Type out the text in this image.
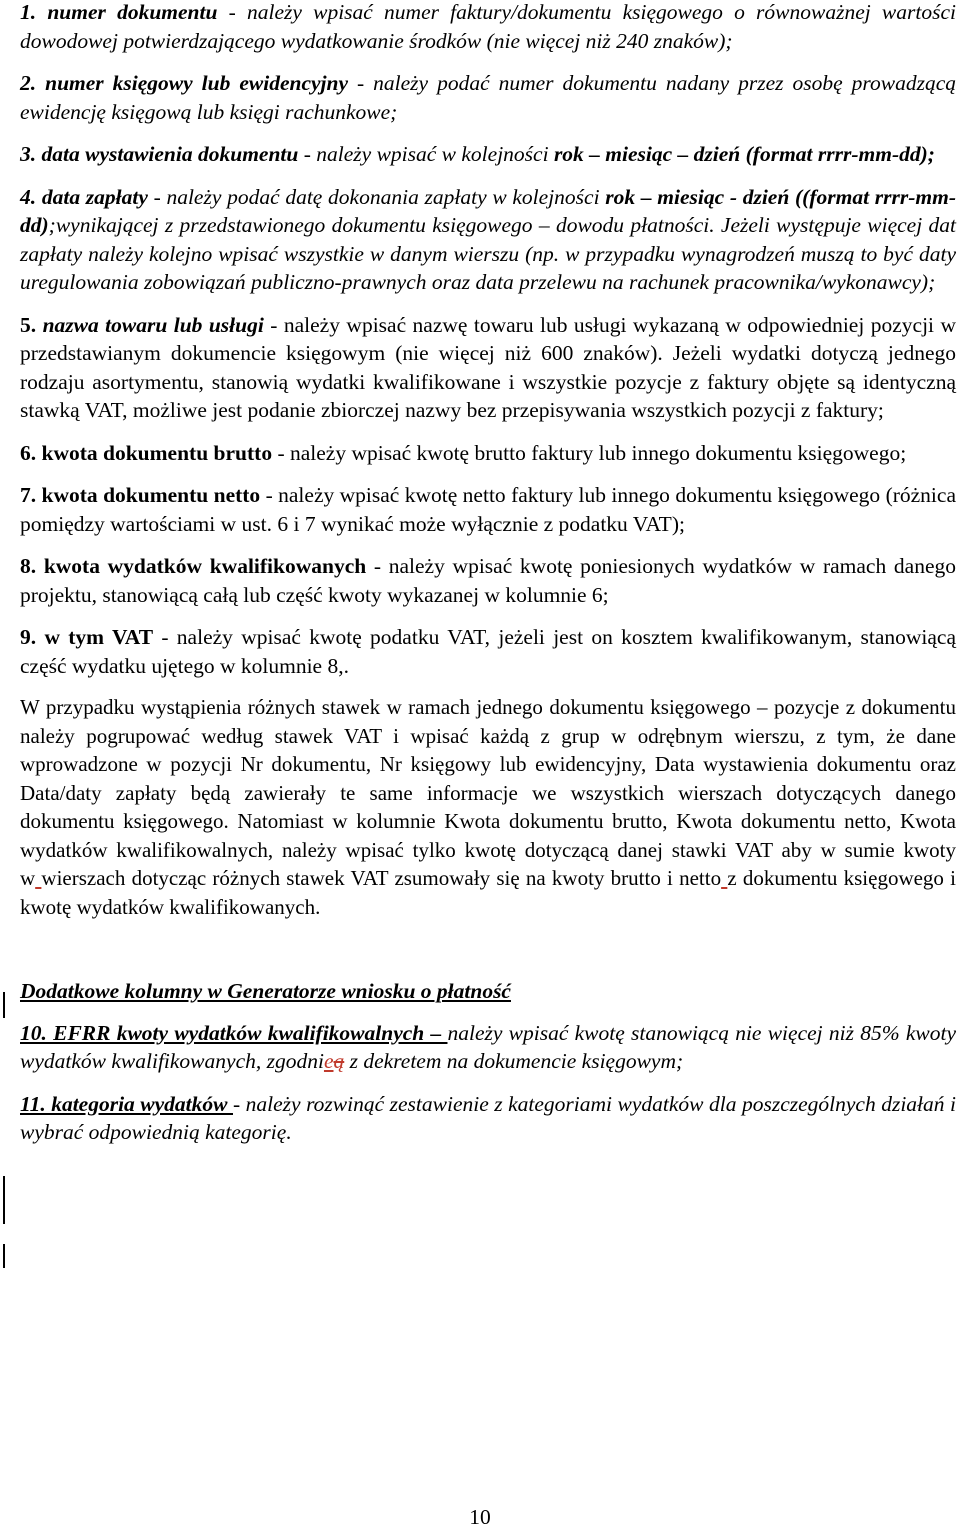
1. numer dokumentu - należy wpisać numer faktury/dokumentu księgowego o równoważnej wartości dowodowej potwierdzającego wydatkowanie środków (nie więcej niż 240 znaków);

2. numer księgowy lub ewidencyjny - należy podać numer dokumentu nadany przez osobę prowadzącą ewidencję księgową lub księgi rachunkowe;

3. data wystawienia dokumentu - należy wpisać w kolejności rok – miesiąc – dzień (format rrrr-mm-dd);

4. data zapłaty - należy podać datę dokonania zapłaty w kolejności rok – miesiąc - dzień ((format rrrr-mm-dd);wynikającej z przedstawionego dokumentu księgowego – dowodu płatności. Jeżeli występuje więcej dat zapłaty należy kolejno wpisać wszystkie w danym wierszu (np. w przypadku wynagrodzeń muszą to być daty uregulowania zobowiązań publiczno-prawnych oraz data przelewu na rachunek pracownika/wykonawcy);

5. nazwa towaru lub usługi - należy wpisać nazwę towaru lub usługi wykazaną w odpowiedniej pozycji w przedstawianym dokumencie księgowym (nie więcej niż 600 znaków). Jeżeli wydatki dotyczą jednego rodzaju asortymentu, stanowią wydatki kwalifikowane i wszystkie pozycje z faktury objęte są identyczną stawką VAT, możliwe jest podanie zbiorczej nazwy bez przepisywania wszystkich pozycji z faktury;

6. kwota dokumentu brutto - należy wpisać kwotę brutto faktury lub innego dokumentu księgowego;

7. kwota dokumentu netto - należy wpisać kwotę netto faktury lub innego dokumentu księgowego (różnica pomiędzy wartościami w ust. 6 i 7 wynikać może wyłącznie z podatku VAT);

8. kwota wydatków kwalifikowanych - należy wpisać kwotę poniesionych wydatków w ramach danego projektu, stanowiącą całą lub część kwoty wykazanej w kolumnie 6;

9. w tym VAT - należy wpisać kwotę podatku VAT, jeżeli jest on kosztem kwalifikowanym, stanowiącą część wydatku ujętego w kolumnie 8,.

W przypadku wystąpienia różnych stawek w ramach jednego dokumentu księgowego – pozycje z dokumentu należy pogrupować według stawek VAT i wpisać każdą z grup w odrębnym wierszu, z tym, że dane wprowadzone w pozycji Nr dokumentu, Nr księgowy lub ewidencyjny, Data wystawienia dokumentu oraz Data/daty zapłaty będą zawierały te same informacje we wszystkich wierszach dotyczących danego dokumentu księgowego. Natomiast w kolumnie Kwota dokumentu brutto, Kwota dokumentu netto, Kwota wydatków kwalifikowalnych, należy wpisać tylko kwotę dotyczącą danej stawki VAT aby w sumie kwoty w wierszach dotycząc różnych stawek VAT zsumowały się na kwoty brutto i netto z dokumentu księgowego i kwotę wydatków kwalifikowanych.

Dodatkowe kolumny w Generatorze wniosku o płatność

10. EFRR kwoty wydatków kwalifikowalnych – należy wpisać kwotę stanowiącą nie więcej niż 85% kwoty wydatków kwalifikowanych, zgodnieą z dekretem na dokumencie księgowym;

11. kategoria wydatków - należy rozwinąć zestawienie z kategoriami wydatków dla poszczególnych działań i wybrać odpowiednią kategorię.

10
